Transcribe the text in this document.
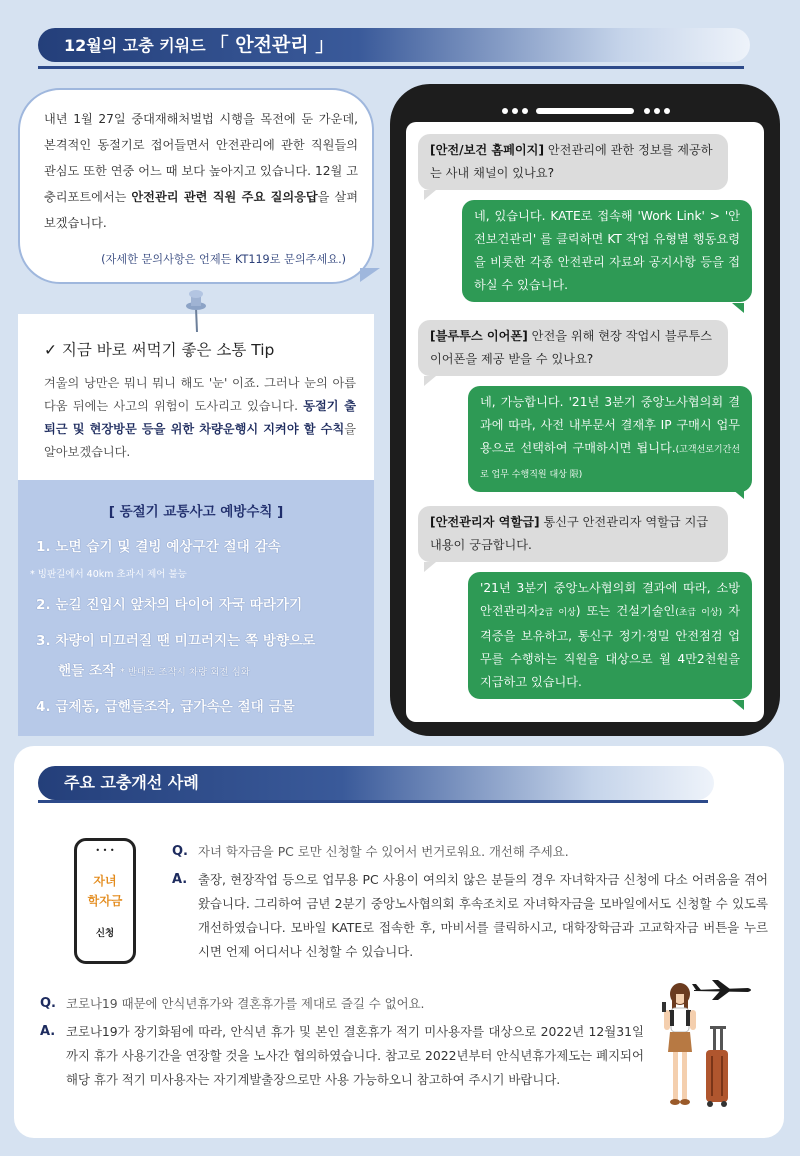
12월의 고충 키워드 「 안전관리 」
내년 1월 27일 중대재해처벌법 시행을 목전에 둔 가운데, 본격적인 동절기로 접어들면서 안전관리에 관한 직원들의 관심도 또한 연중 어느 때 보다 높아지고 있습니다. 12월 고충리포트에서는 안전관리 관련 직원 주요 질의응답을 살펴 보겠습니다.
(자세한 문의사항은 언제든 KT119로 문의주세요.)
✓ 지금 바로 써먹기 좋은 소통 Tip
겨울의 낭만은 뭐니 뭐니 해도 '눈' 이죠. 그러나 눈의 아름다움 뒤에는 사고의 위험이 도사리고 있습니다. 동절기 출퇴근 및 현장방문 등을 위한 차량운행시 지켜야 할 수칙을 알아보겠습니다.
[ 동절기 교통사고 예방수칙 ]
1. 노면 습기 및 결빙 예상구간 절대 감속
2. 눈길 진입시 앞차의 타이어 자국 따라가기
3. 차량이 미끄러질 땐 미끄러지는 쪽 방향으로
핸들 조작 * 반대로 조작시 차량 회전 심화
4. 급제동, 급핸들조작, 급가속은 절대 금물
* 빙판길에서 40km 초과시 제어 불능
[안전/보건 홈페이지] 안전관리에 관한 정보를 제공하는 사내 채널이 있나요?
네, 있습니다. KATE로 접속해 'Work Link' > '안전보건관리' 를 클릭하면 KT 작업 유형별 행동요령을 비롯한 각종 안전관리 자료와 공지사항 등을 접하실 수 있습니다.
[블루투스 이어폰] 안전을 위해 현장 작업시 블루투스 이어폰을 제공 받을 수 있나요?
네, 가능합니다. '21년 3분기 중앙노사협의회 결과에 따라, 사전 내부문서 결재후 IP 구매시 업무용으로 선택하여 구매하시면 됩니다.(고객선로기간선로 업무 수행직원 대상 限)
[안전관리자 역할급] 통신구 안전관리자 역할급 지급 내용이 궁금합니다.
'21년 3분기 중앙노사협의회 결과에 따라, 소방안전관리자2급 이상) 또는 건설기술인(초급 이상) 자격증을 보유하고, 통신구 정기·정밀 안전점검 업무를 수행하는 직원을 대상으로 월 4만2천원을 지급하고 있습니다.
주요 고충개선 사례
• • •
자녀
학자금
신청
Q. 자녀 학자금을 PC 로만 신청할 수 있어서 번거로워요. 개선해 주세요.
A. 출장, 현장작업 등으로 업무용 PC 사용이 여의치 않은 분들의 경우 자녀학자금 신청에 다소 어려움을 겪어왔습니다. 그리하여 금년 2분기 중앙노사협의회 후속조치로 자녀학자금을 모바일에서도 신청할 수 있도록 개선하였습니다. 모바일 KATE로 접속한 후, 마비서를 클릭하시고, 대학장학금과 고교학자금 버튼을 누르시면 언제 어디서나 신청할 수 있습니다.
Q. 코로나19 때문에 안식년휴가와 결혼휴가를 제대로 즐길 수 없어요.
A. 코로나19가 장기화됨에 따라, 안식년 휴가 및 본인 결혼휴가 적기 미사용자를 대상으로 2022년 12월31일까지 휴가 사용기간을 연장할 것을 노사간 협의하였습니다. 참고로 2022년부터 안식년휴가제도는 폐지되어 해당 휴가 적기 미사용자는 자기계발출장으로만 사용 가능하오니 참고하여 주시기 바랍니다.
